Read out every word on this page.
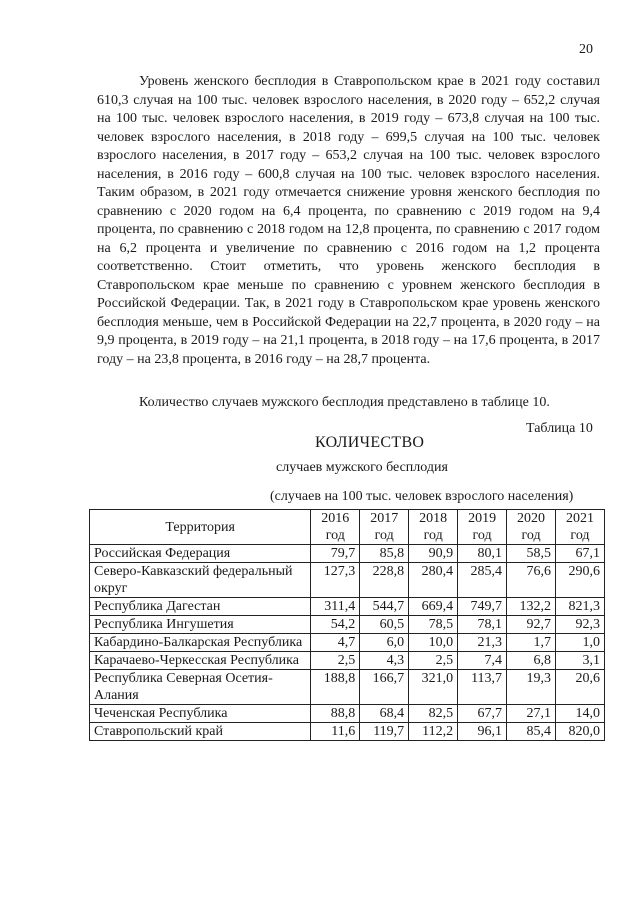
20

Уровень женского бесплодия в Ставропольском крае в 2021 году составил 610,3 случая на 100 тыс. человек взрослого населения, в 2020 году – 652,2 случая на 100 тыс. человек взрослого населения, в 2019 году – 673,8 случая на 100 тыс. человек взрослого населения, в 2018 году – 699,5 случая на 100 тыс. человек взрослого населения, в 2017 году – 653,2 случая на 100 тыс. человек взрослого населения, в 2016 году – 600,8 случая на 100 тыс. человек взрослого населения. Таким образом, в 2021 году отмечается снижение уровня женского бесплодия по сравнению с 2020 годом на 6,4 процента, по сравнению с 2019 годом на 9,4 процента, по сравнению с 2018 годом на 12,8 процента, по сравнению с 2017 годом на 6,2 процента и увеличение по сравнению с 2016 годом на 1,2 процента соответственно. Стоит отметить, что уровень женского бесплодия в Ставропольском крае меньше по сравнению с уровнем женского бесплодия в Российской Федерации. Так, в 2021 году в Ставропольском крае уровень женского бесплодия меньше, чем в Российской Федерации на 22,7 процента, в 2020 году – на 9,9 процента, в 2019 году – на 21,1 процента, в 2018 году – на 17,6 процента, в 2017 году – на 23,8 процента, в 2016 году – на 28,7 процента.

Количество случаев мужского бесплодия представлено в таблице 10.

Таблица 10
КОЛИЧЕСТВО
случаев мужского бесплодия
(случаев на 100 тыс. человек взрослого населения)
Территория	2016 год	2017 год	2018 год	2019 год	2020 год	2021 год
Российская Федерация	79,7	85,8	90,9	80,1	58,5	67,1
Северо-Кавказский федеральный округ	127,3	228,8	280,4	285,4	76,6	290,6
Республика Дагестан	311,4	544,7	669,4	749,7	132,2	821,3
Республика Ингушетия	54,2	60,5	78,5	78,1	92,7	92,3
Кабардино-Балкарская Республика	4,7	6,0	10,0	21,3	1,7	1,0
Карачаево-Черкесская Республика	2,5	4,3	2,5	7,4	6,8	3,1
Республика Северная Осетия-Алания	188,8	166,7	321,0	113,7	19,3	20,6
Чеченская Республика	88,8	68,4	82,5	67,7	27,1	14,0
Ставропольский край	11,6	119,7	112,2	96,1	85,4	820,0
